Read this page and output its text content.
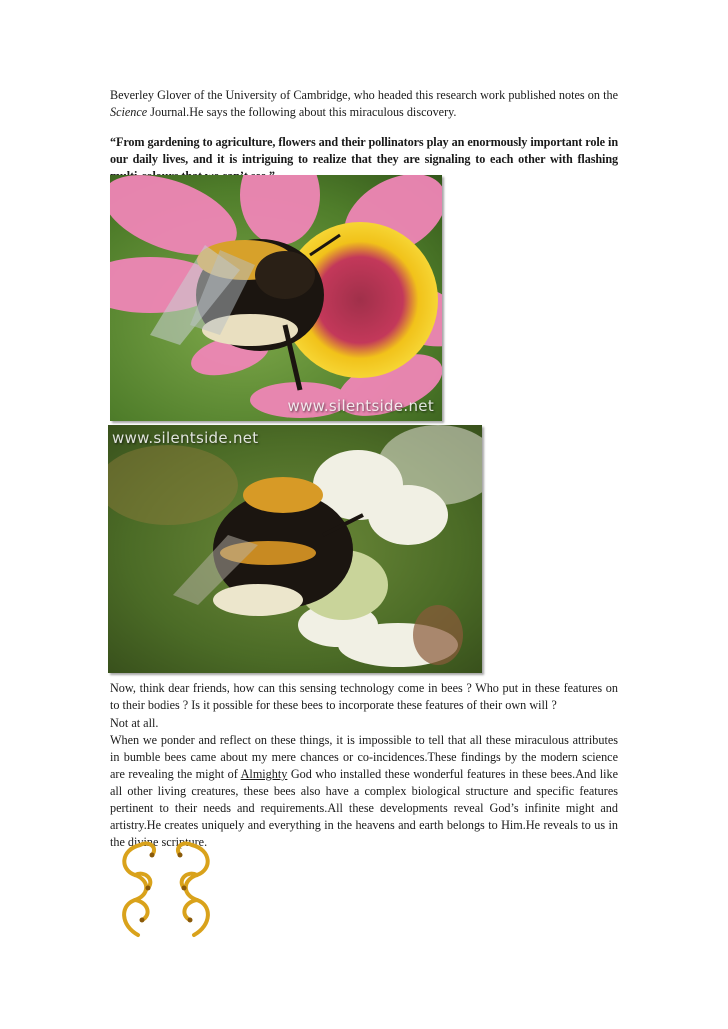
Beverley Glover of the University of Cambridge, who headed this research work published notes on the Science Journal.He says the following about this miraculous discovery.

“From gardening to agriculture, flowers and their pollinators play an enormously important role in our daily lives, and it is intriguing to realize that they are signaling to each other with flashing

Now, think dear friends, how can this sensing technology come in bees ? Who put in these features on to their bodies ? Is it possible for these bees to incorporate these features of their own will ?

Not at all.
When we ponder and reflect on these things, it is impossible to tell that all these miraculous attributes in bumble bees came about my mere chances or co-incidences.These findings by the modern science are revealing the might of Almighty God who installed these wonderful features in these bees.And like all other living creatures, these bees also have a complex biological structure and specific features pertinent to their needs and requirements.All these developments reveal God’s infinite might and artistry.He creates uniquely and everything in the heavens and earth belongs to Him.He reveals to us in the divine scripture.

www.silentside.net
www.silentside.net
